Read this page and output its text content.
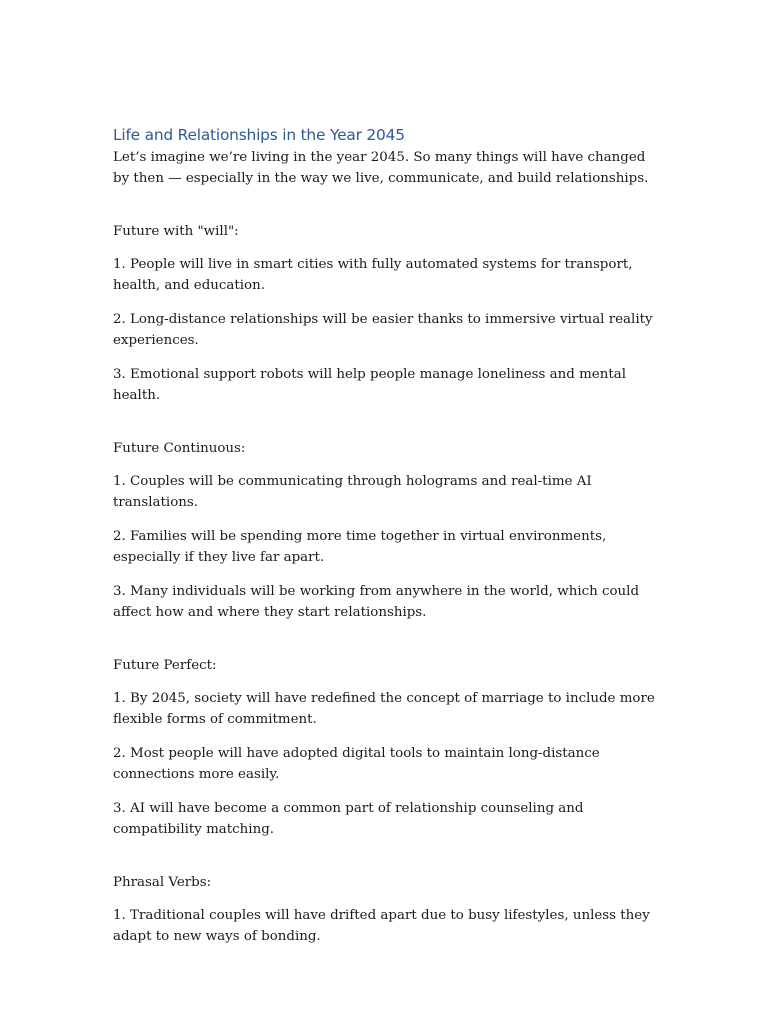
Life and Relationships in the Year 2045

Let’s imagine we’re living in the year 2045. So many things will have changed by then — especially in the way we live, communicate, and build relationships.

Future with "will":

1. People will live in smart cities with fully automated systems for transport, health, and education.

2. Long-distance relationships will be easier thanks to immersive virtual reality experiences.

3. Emotional support robots will help people manage loneliness and mental health.

Future Continuous:

1. Couples will be communicating through holograms and real-time AI translations.

2. Families will be spending more time together in virtual environments, especially if they live far apart.

3. Many individuals will be working from anywhere in the world, which could affect how and where they start relationships.

Future Perfect:

1. By 2045, society will have redefined the concept of marriage to include more flexible forms of commitment.

2. Most people will have adopted digital tools to maintain long-distance connections more easily.

3. AI will have become a common part of relationship counseling and compatibility matching.

Phrasal Verbs:

1. Traditional couples will have drifted apart due to busy lifestyles, unless they adapt to new ways of bonding.
